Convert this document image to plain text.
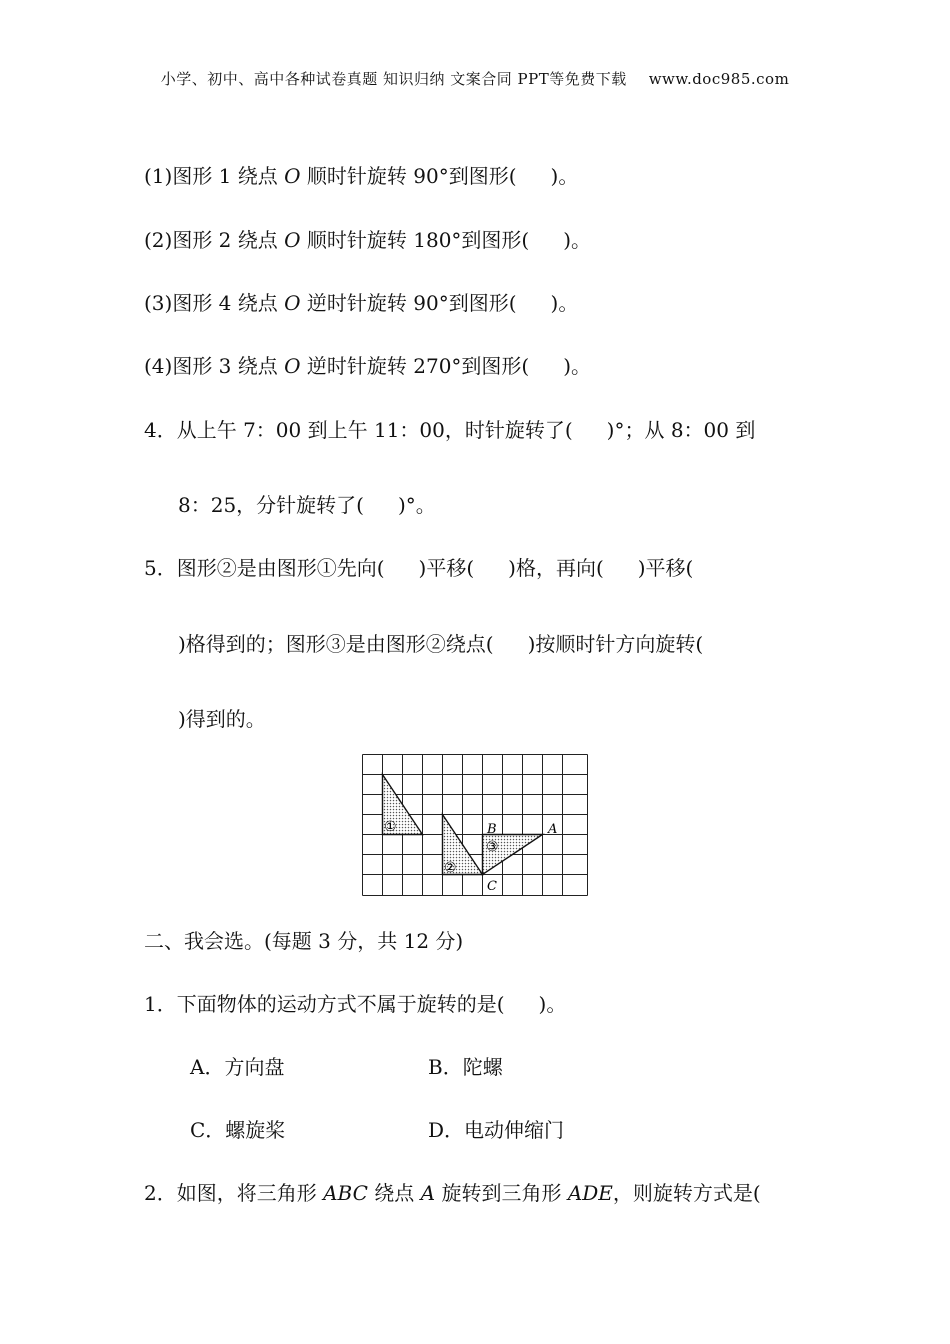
小学、初中、高中各种试卷真题 知识归纳 文案合同 PPT等免费下载 www.doc985.com
(1)图形 1 绕点 O 顺时针旋转 90°到图形( )。
(2)图形 2 绕点 O 顺时针旋转 180°到图形( )。
(3)图形 4 绕点 O 逆时针旋转 90°到图形( )。
(4)图形 3 绕点 O 逆时针旋转 270°到图形( )。
4．从上午 7：00 到上午 11：00，时针旋转了( )°；从 8：00 到
8：25，分针旋转了( )°。
5．图形②是由图形①先向( )平移( )格，再向( )平移(
)格得到的；图形③是由图形②绕点( )按顺时针方向旋转(
)得到的。
①
②
③
B	A
C
二、我会选。(每题 3 分，共 12 分)
1．下面物体的运动方式不属于旋转的是( )。
A．方向盘	B．陀螺
C．螺旋桨	D．电动伸缩门
2．如图，将三角形 ABC 绕点 A 旋转到三角形 ADE，则旋转方式是(
